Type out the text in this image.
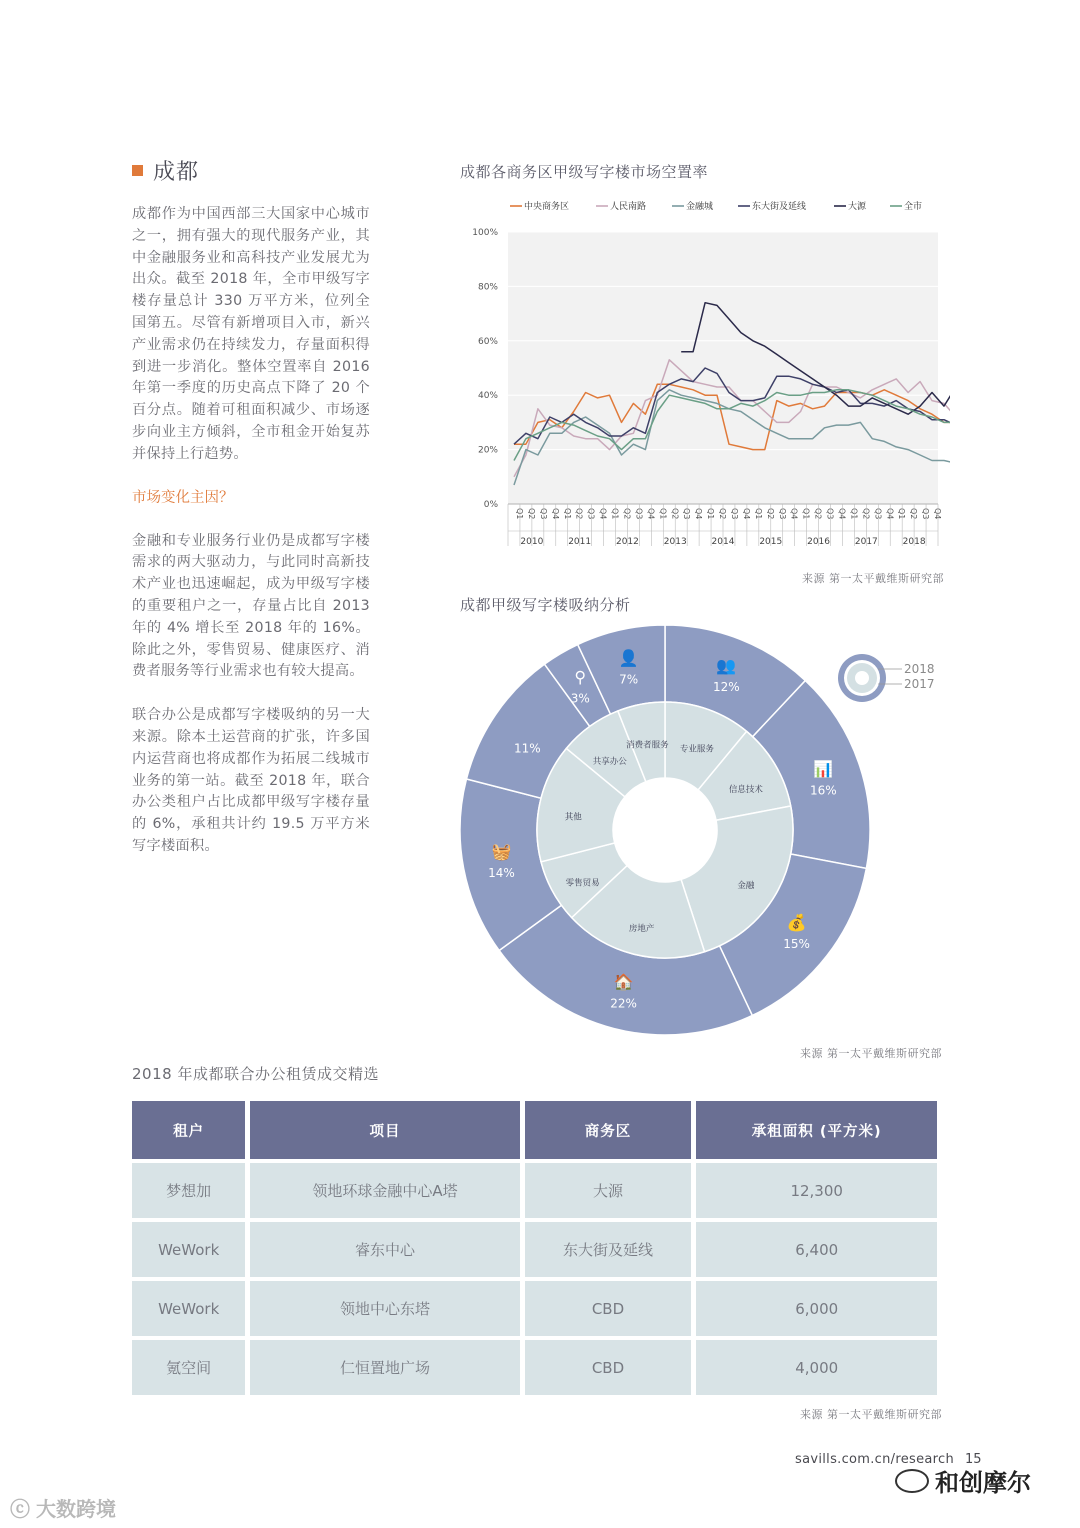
成都

成都作为中国西部三大国家中心城市之一，拥有强大的现代服务产业，其中金融服务业和高科技产业发展尤为出众。截至 2018 年，全市甲级写字楼存量总计 330 万平方米，位列全国第五。尽管有新增项目入市，新兴产业需求仍在持续发力，存量面积得到进一步消化。整体空置率自 2016 年第一季度的历史高点下降了 20 个百分点。随着可租面积减少、市场逐步向业主方倾斜，全市租金开始复苏并保持上行趋势。

市场变化主因？

金融和专业服务行业仍是成都写字楼需求的两大驱动力，与此同时高新技术产业也迅速崛起，成为甲级写字楼的重要租户之一，存量占比自 2013 年的 4% 增长至 2018 年的 16%。除此之外，零售贸易、健康医疗、消费者服务等行业需求也有较大提高。

联合办公是成都写字楼吸纳的另一大来源。除本土运营商的扩张，许多国内运营商也将成都作为拓展二线城市业务的第一站。截至 2018 年，联合办公类租户占比成都甲级写字楼存量的 6%，承租共计约 19.5 万平方米写字楼面积。

成都各商务区甲级写字楼市场空置率
0%
20%
40%
60%
80%
100%
中央商务区	人民南路	金融城	东大街及延线	大源	全市
Q1 Q2 Q3 Q4 Q1 Q2 Q3 Q4 Q1 Q2 Q3 Q4 Q1 Q2 Q3 Q4 Q1 Q2 Q3 Q4 Q1 Q2 Q3 Q4 Q1 Q2 Q3 Q4 Q1 Q2 Q3 Q4 Q1 Q2 Q3 Q4
2010	2011	2012	2013	2014	2015	2016	2017	2018
来源 第一太平戴维斯研究部
成都甲级写字楼吸纳分析
👥
12%
📊
16%
💰
15%
🏠
22%
🧺
14%
11%
⚲
3%
👤
7%
专业服务
信息技术
金融
房地产
零售贸易
其他
共享办公
消费者服务
2018
2017
来源 第一太平戴维斯研究部
2018 年成都联合办公租赁成交精选
租户	项目	商务区	承租面积 (平方米)
梦想加	领地环球金融中心A塔	大源	12,300
WeWork	睿东中心	东大街及延线	6,400
WeWork	领地中心东塔	CBD	6,000
氪空间	仁恒置地广场	CBD	4,000
来源 第一太平戴维斯研究部
savills.com.cn/research 15
和创摩尔
ⓒ 大数跨境
